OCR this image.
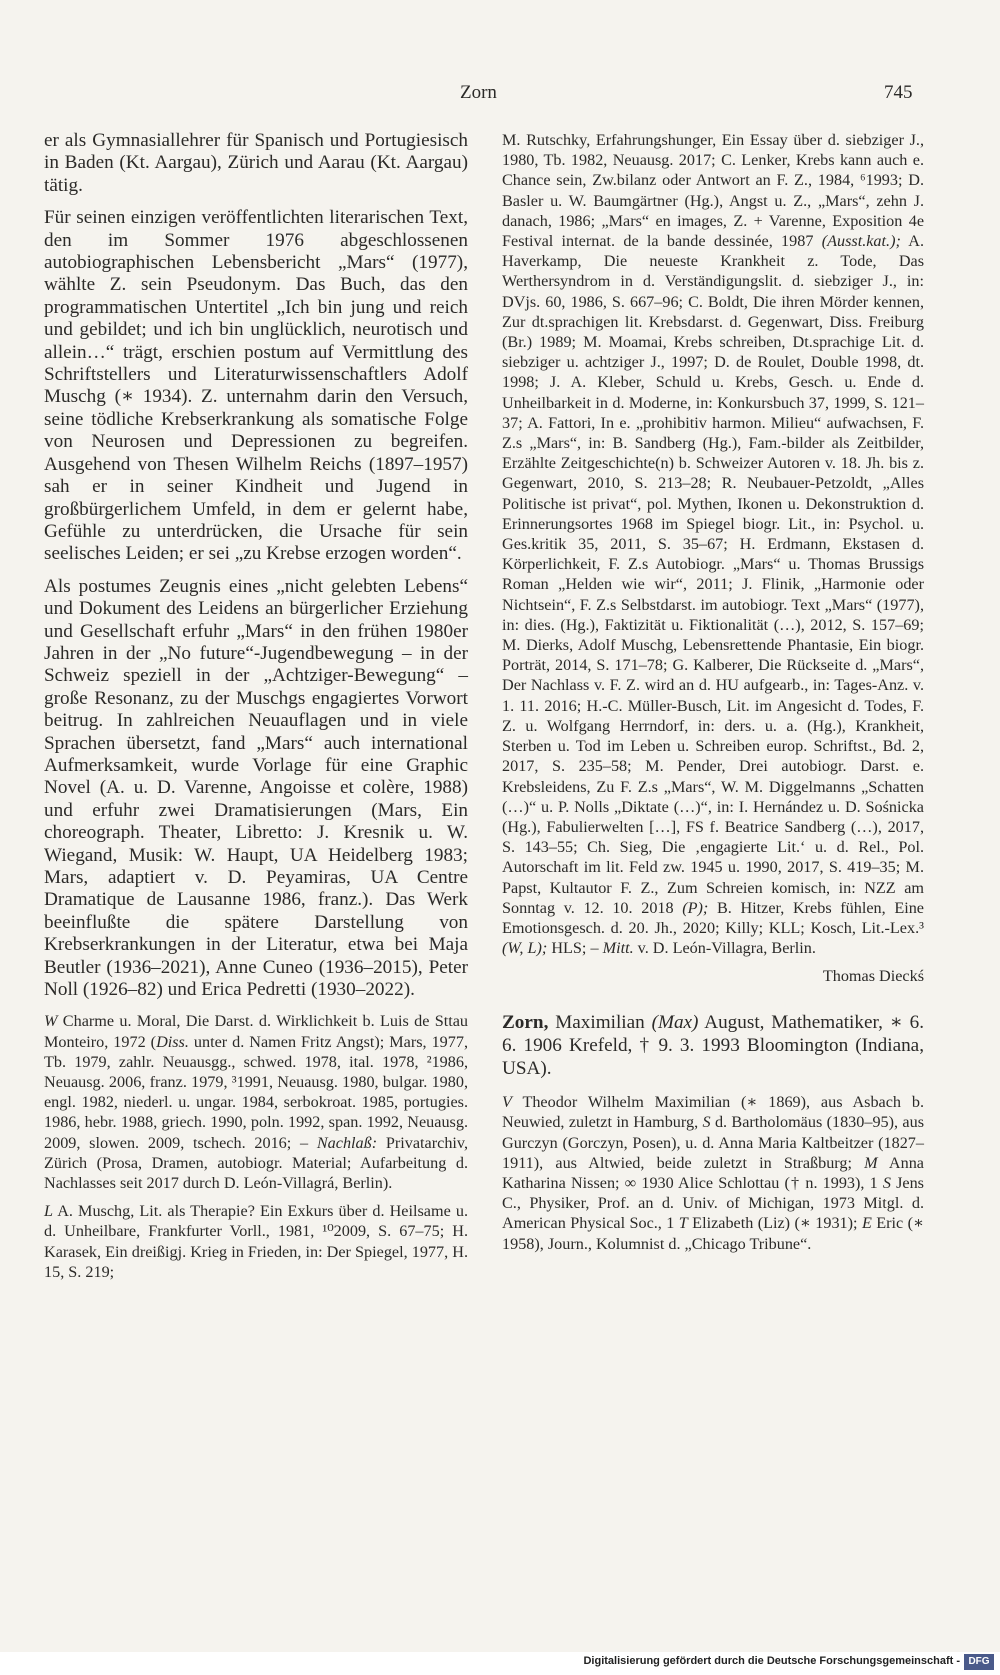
Zorn	745

er als Gymnasiallehrer für Spanisch und Portugiesisch in Baden (Kt. Aargau), Zürich und Aarau (Kt. Aargau) tätig.

Für seinen einzigen veröffentlichten literarischen Text, den im Sommer 1976 abgeschlossenen autobiographischen Lebensbericht „Mars“ (1977), wählte Z. sein Pseudonym. Das Buch, das den programmatischen Untertitel „Ich bin jung und reich und gebildet; und ich bin unglücklich, neurotisch und allein…“ trägt, erschien postum auf Vermittlung des Schriftstellers und Literaturwissenschaftlers Adolf Muschg (∗ 1934). Z. unternahm darin den Versuch, seine tödliche Krebserkrankung als somatische Folge von Neurosen und Depressionen zu begreifen. Ausgehend von Thesen Wilhelm Reichs (1897–1957) sah er in seiner Kindheit und Jugend in großbürgerlichem Umfeld, in dem er gelernt habe, Gefühle zu unterdrücken, die Ursache für sein seelisches Leiden; er sei „zu Krebse erzogen worden“.

Als postumes Zeugnis eines „nicht gelebten Lebens“ und Dokument des Leidens an bürgerlicher Erziehung und Gesellschaft erfuhr „Mars“ in den frühen 1980er Jahren in der „No future“-Jugendbewegung – in der Schweiz speziell in der „Achtziger-Bewegung“ – große Resonanz, zu der Muschgs engagiertes Vorwort beitrug. In zahlreichen Neuauflagen und in viele Sprachen übersetzt, fand „Mars“ auch international Aufmerksamkeit, wurde Vorlage für eine Graphic Novel (A. u. D. Varenne, Angoisse et colère, 1988) und erfuhr zwei Dramatisierungen (Mars, Ein choreograph. Theater, Libretto: J. Kresnik u. W. Wiegand, Musik: W. Haupt, UA Heidelberg 1983; Mars, adaptiert v. D. Peyamiras, UA Centre Dramatique de Lausanne 1986, franz.). Das Werk beeinflußte die spätere Darstellung von Krebserkrankungen in der Literatur, etwa bei Maja Beutler (1936–2021), Anne Cuneo (1936–2015), Peter Noll (1926–82) und Erica Pedretti (1930–2022).

W Charme u. Moral, Die Darst. d. Wirklichkeit b. Luis de Sttau Monteiro, 1972 (Diss. unter d. Namen Fritz Angst); Mars, 1977, Tb. 1979, zahlr. Neuausgg., schwed. 1978, ital. 1978, ²1986, Neuausg. 2006, franz. 1979, ³1991, Neuausg. 1980, bulgar. 1980, engl. 1982, niederl. u. ungar. 1984, serbokroat. 1985, portugies. 1986, hebr. 1988, griech. 1990, poln. 1992, span. 1992, Neuausg. 2009, slowen. 2009, tschech. 2016; – Nachlaß: Privatarchiv, Zürich (Prosa, Dramen, autobiogr. Material; Aufarbeitung d. Nachlasses seit 2017 durch D. León-Villagrá, Berlin).

L A. Muschg, Lit. als Therapie? Ein Exkurs über d. Heilsame u. d. Unheilbare, Frankfurter Vorll., 1981, ¹⁰2009, S. 67–75; H. Karasek, Ein dreißigj. Krieg in Frieden, in: Der Spiegel, 1977, H. 15, S. 219;

M. Rutschky, Erfahrungshunger, Ein Essay über d. siebziger J., 1980, Tb. 1982, Neuausg. 2017; C. Lenker, Krebs kann auch e. Chance sein, Zw.bilanz oder Antwort an F. Z., 1984, ⁶1993; D. Basler u. W. Baumgärtner (Hg.), Angst u. Z., „Mars“, zehn J. danach, 1986; „Mars“ en images, Z. + Varenne, Exposition 4e Festival internat. de la bande dessinée, 1987 (Ausst.kat.); A. Haverkamp, Die neueste Krankheit z. Tode, Das Werthersyndrom in d. Verständigungslit. d. siebziger J., in: DVjs. 60, 1986, S. 667–96; C. Boldt, Die ihren Mörder kennen, Zur dt.sprachigen lit. Krebsdarst. d. Gegenwart, Diss. Freiburg (Br.) 1989; M. Moamai, Krebs schreiben, Dt.sprachige Lit. d. siebziger u. achtziger J., 1997; D. de Roulet, Double 1998, dt. 1998; J. A. Kleber, Schuld u. Krebs, Gesch. u. Ende d. Unheilbarkeit in d. Moderne, in: Konkursbuch 37, 1999, S. 121–37; A. Fattori, In e. „prohibitiv harmon. Milieu“ aufwachsen, F. Z.s „Mars“, in: B. Sandberg (Hg.), Fam.-bilder als Zeitbilder, Erzählte Zeitgeschichte(n) b. Schweizer Autoren v. 18. Jh. bis z. Gegenwart, 2010, S. 213–28; R. Neubauer-Petzoldt, „Alles Politische ist privat“, pol. Mythen, Ikonen u. Dekonstruktion d. Erinnerungsortes 1968 im Spiegel biogr. Lit., in: Psychol. u. Ges.kritik 35, 2011, S. 35–67; H. Erdmann, Ekstasen d. Körperlichkeit, F. Z.s Autobiogr. „Mars“ u. Thomas Brussigs Roman „Helden wie wir“, 2011; J. Flinik, „Harmonie oder Nichtsein“, F. Z.s Selbstdarst. im autobiogr. Text „Mars“ (1977), in: dies. (Hg.), Faktizität u. Fiktionalität (…), 2012, S. 157–69; M. Dierks, Adolf Muschg, Lebensrettende Phantasie, Ein biogr. Porträt, 2014, S. 171–78; G. Kalberer, Die Rückseite d. „Mars“, Der Nachlass v. F. Z. wird an d. HU aufgearb., in: Tages-Anz. v. 1. 11. 2016; H.-C. Müller-Busch, Lit. im Angesicht d. Todes, F. Z. u. Wolfgang Herrndorf, in: ders. u. a. (Hg.), Krankheit, Sterben u. Tod im Leben u. Schreiben europ. Schriftst., Bd. 2, 2017, S. 235–58; M. Pender, Drei autobiogr. Darst. e. Krebsleidens, Zu F. Z.s „Mars“, W. M. Diggelmanns „Schatten (…)“ u. P. Nolls „Diktate (…)“, in: I. Hernández u. D. Sośnicka (Hg.), Fabulierwelten […], FS f. Beatrice Sandberg (…), 2017, S. 143–55; Ch. Sieg, Die ‚engagierte Lit.‘ u. d. Rel., Pol. Autorschaft im lit. Feld zw. 1945 u. 1990, 2017, S. 419–35; M. Papst, Kultautor F. Z., Zum Schreien komisch, in: NZZ am Sonntag v. 12. 10. 2018 (P); B. Hitzer, Krebs fühlen, Eine Emotionsgesch. d. 20. Jh., 2020; Killy; KLL; Kosch, Lit.-Lex.³ (W, L); HLS; – Mitt. v. D. León-Villagra, Berlin.

Thomas Dieckś

Zorn, Maximilian (Max) August, Mathematiker, ∗ 6. 6. 1906 Krefeld, † 9. 3. 1993 Bloomington (Indiana, USA).

V Theodor Wilhelm Maximilian (∗ 1869), aus Asbach b. Neuwied, zuletzt in Hamburg, S d. Bartholomäus (1830–95), aus Gurczyn (Gorczyn, Posen), u. d. Anna Maria Kaltbeitzer (1827–1911), aus Altwied, beide zuletzt in Straßburg; M Anna Katharina Nissen; ∞ 1930 Alice Schlottau († n. 1993), 1 S Jens C., Physiker, Prof. an d. Univ. of Michigan, 1973 Mitgl. d. American Physical Soc., 1 T Elizabeth (Liz) (∗ 1931); E Eric (∗ 1958), Journ., Kolumnist d. „Chicago Tribune“.

Digitalisierung gefördert durch die Deutsche Forschungsgemeinschaft - DFG
